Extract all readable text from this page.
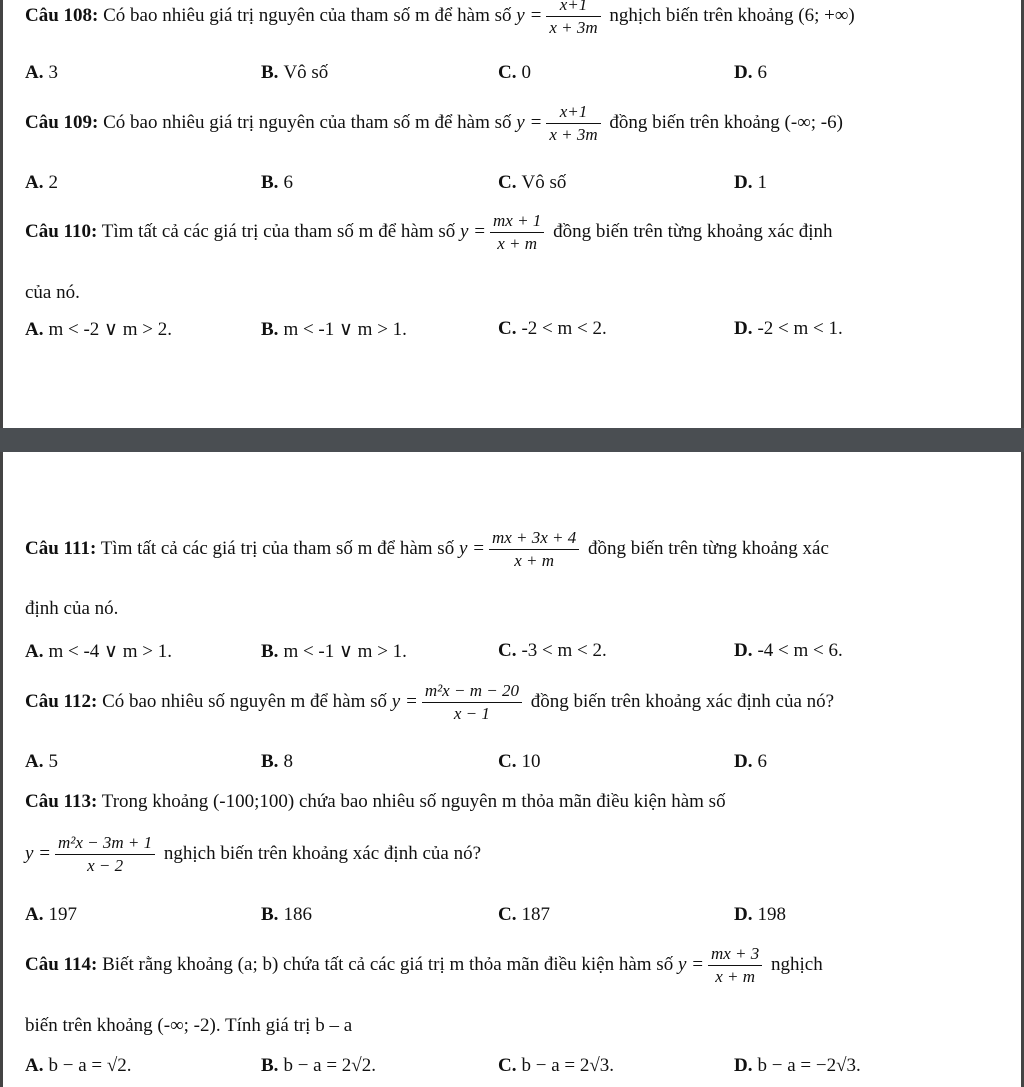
Câu 108: Có bao nhiêu giá trị nguyên của tham số m để hàm số $y = \frac{x+1}{x + 3m}$ nghịch biến trên khoảng (6; +∞)
A. 3	B. Vô số	C. 0	D. 6
Câu 109: Có bao nhiêu giá trị nguyên của tham số m để hàm số $y = \frac{x+1}{x + 3m}$ đồng biến trên khoảng (-∞; -6)
A. 2	B. 6	C. Vô số	D. 1
Câu 110: Tìm tất cả các giá trị của tham số m để hàm số $y = \frac{mx + 1}{x + m}$ đồng biến trên từng khoảng xác định
của nó.
A. m < -2 ∨ m > 2.	B. m < -1 ∨ m > 1.	C. -2 < m < 2.	D. -2 < m < 1.
Câu 111: Tìm tất cả các giá trị của tham số m để hàm số $y = \frac{mx + 3x + 4}{x + m}$ đồng biến trên từng khoảng xác
định của nó.
A. m < -4 ∨ m > 1.	B. m < -1 ∨ m > 1.	C. -3 < m < 2.	D. -4 < m < 6.
Câu 112: Có bao nhiêu số nguyên m để hàm số $y = \frac{\text{m²x − m − 20}}{x - 1}$ đồng biến trên khoảng xác định của nó?
A. 5	B. 8	C. 10	D. 6
Câu 113: Trong khoảng (-100;100) chứa bao nhiêu số nguyên m thỏa mãn điều kiện hàm số
$y = \frac{\text{m²x − 3m + 1}}{x - 2}$ nghịch biến trên khoảng xác định của nó?
A. 197	B. 186	C. 187	D. 198
Câu 114: Biết rằng khoảng (a; b) chứa tất cả các giá trị m thỏa mãn điều kiện hàm số $y = \frac{mx + 3}{x + m}$ nghịch
biến trên khoảng (-∞; -2). Tính giá trị b – a
A. b − a = √2.	B. b − a = 2√2.	C. b − a = 2√3.	D. b − a = −2√3.
